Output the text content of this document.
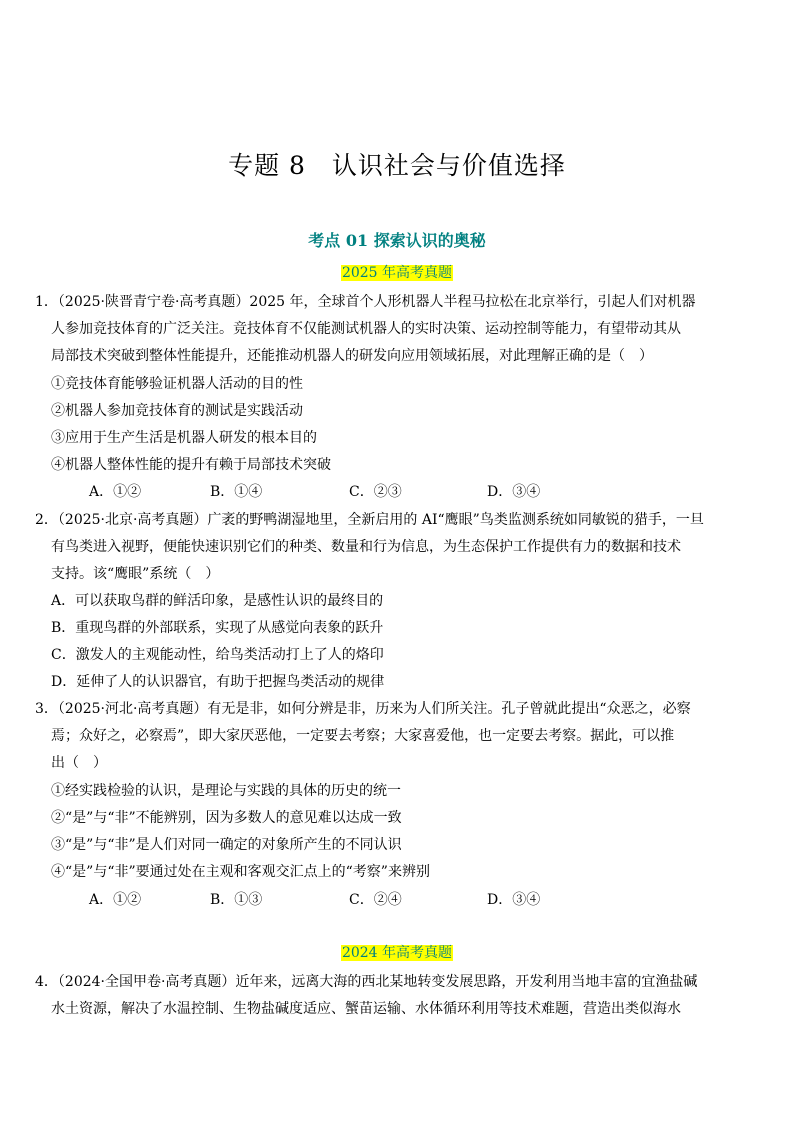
专题 8　认识社会与价值选择
考点 01 探索认识的奥秘
2025 年高考真题
1．（2025·陕晋青宁卷·高考真题）2025 年，全球首个人形机器人半程马拉松在北京举行，引起人们对机器
人参加竞技体育的广泛关注。竞技体育不仅能测试机器人的实时决策、运动控制等能力，有望带动其从
局部技术突破到整体性能提升，还能推动机器人的研发向应用领域拓展，对此理解正确的是（　）
①竞技体育能够验证机器人活动的目的性
②机器人参加竞技体育的测试是实践活动
③应用于生产生活是机器人研发的根本目的
④机器人整体性能的提升有赖于局部技术突破
A．①②	B．①④	C．②③	D．③④
2．（2025·北京·高考真题）广袤的野鸭湖湿地里，全新启用的 AI“鹰眼”鸟类监测系统如同敏锐的猎手，一旦
有鸟类进入视野，便能快速识别它们的种类、数量和行为信息，为生态保护工作提供有力的数据和技术
支持。该“鹰眼”系统（　）
A．可以获取鸟群的鲜活印象，是感性认识的最终目的
B．重现鸟群的外部联系，实现了从感觉向表象的跃升
C．激发人的主观能动性，给鸟类活动打上了人的烙印
D．延伸了人的认识器官，有助于把握鸟类活动的规律
3．（2025·河北·高考真题）有无是非，如何分辨是非，历来为人们所关注。孔子曾就此提出“众恶之，必察
焉；众好之，必察焉”，即大家厌恶他，一定要去考察；大家喜爱他，也一定要去考察。据此，可以推
出（　）
①经实践检验的认识，是理论与实践的具体的历史的统一
②“是”与“非”不能辨别，因为多数人的意见难以达成一致
③“是”与“非”是人们对同一确定的对象所产生的不同认识
④“是”与“非”要通过处在主观和客观交汇点上的“考察”来辨别
A．①②	B．①③	C．②④	D．③④
2024 年高考真题
4．（2024·全国甲卷·高考真题）近年来，远离大海的西北某地转变发展思路，开发利用当地丰富的宜渔盐碱
水土资源，解决了水温控制、生物盐碱度适应、蟹苗运输、水体循环利用等技术难题，营造出类似海水
